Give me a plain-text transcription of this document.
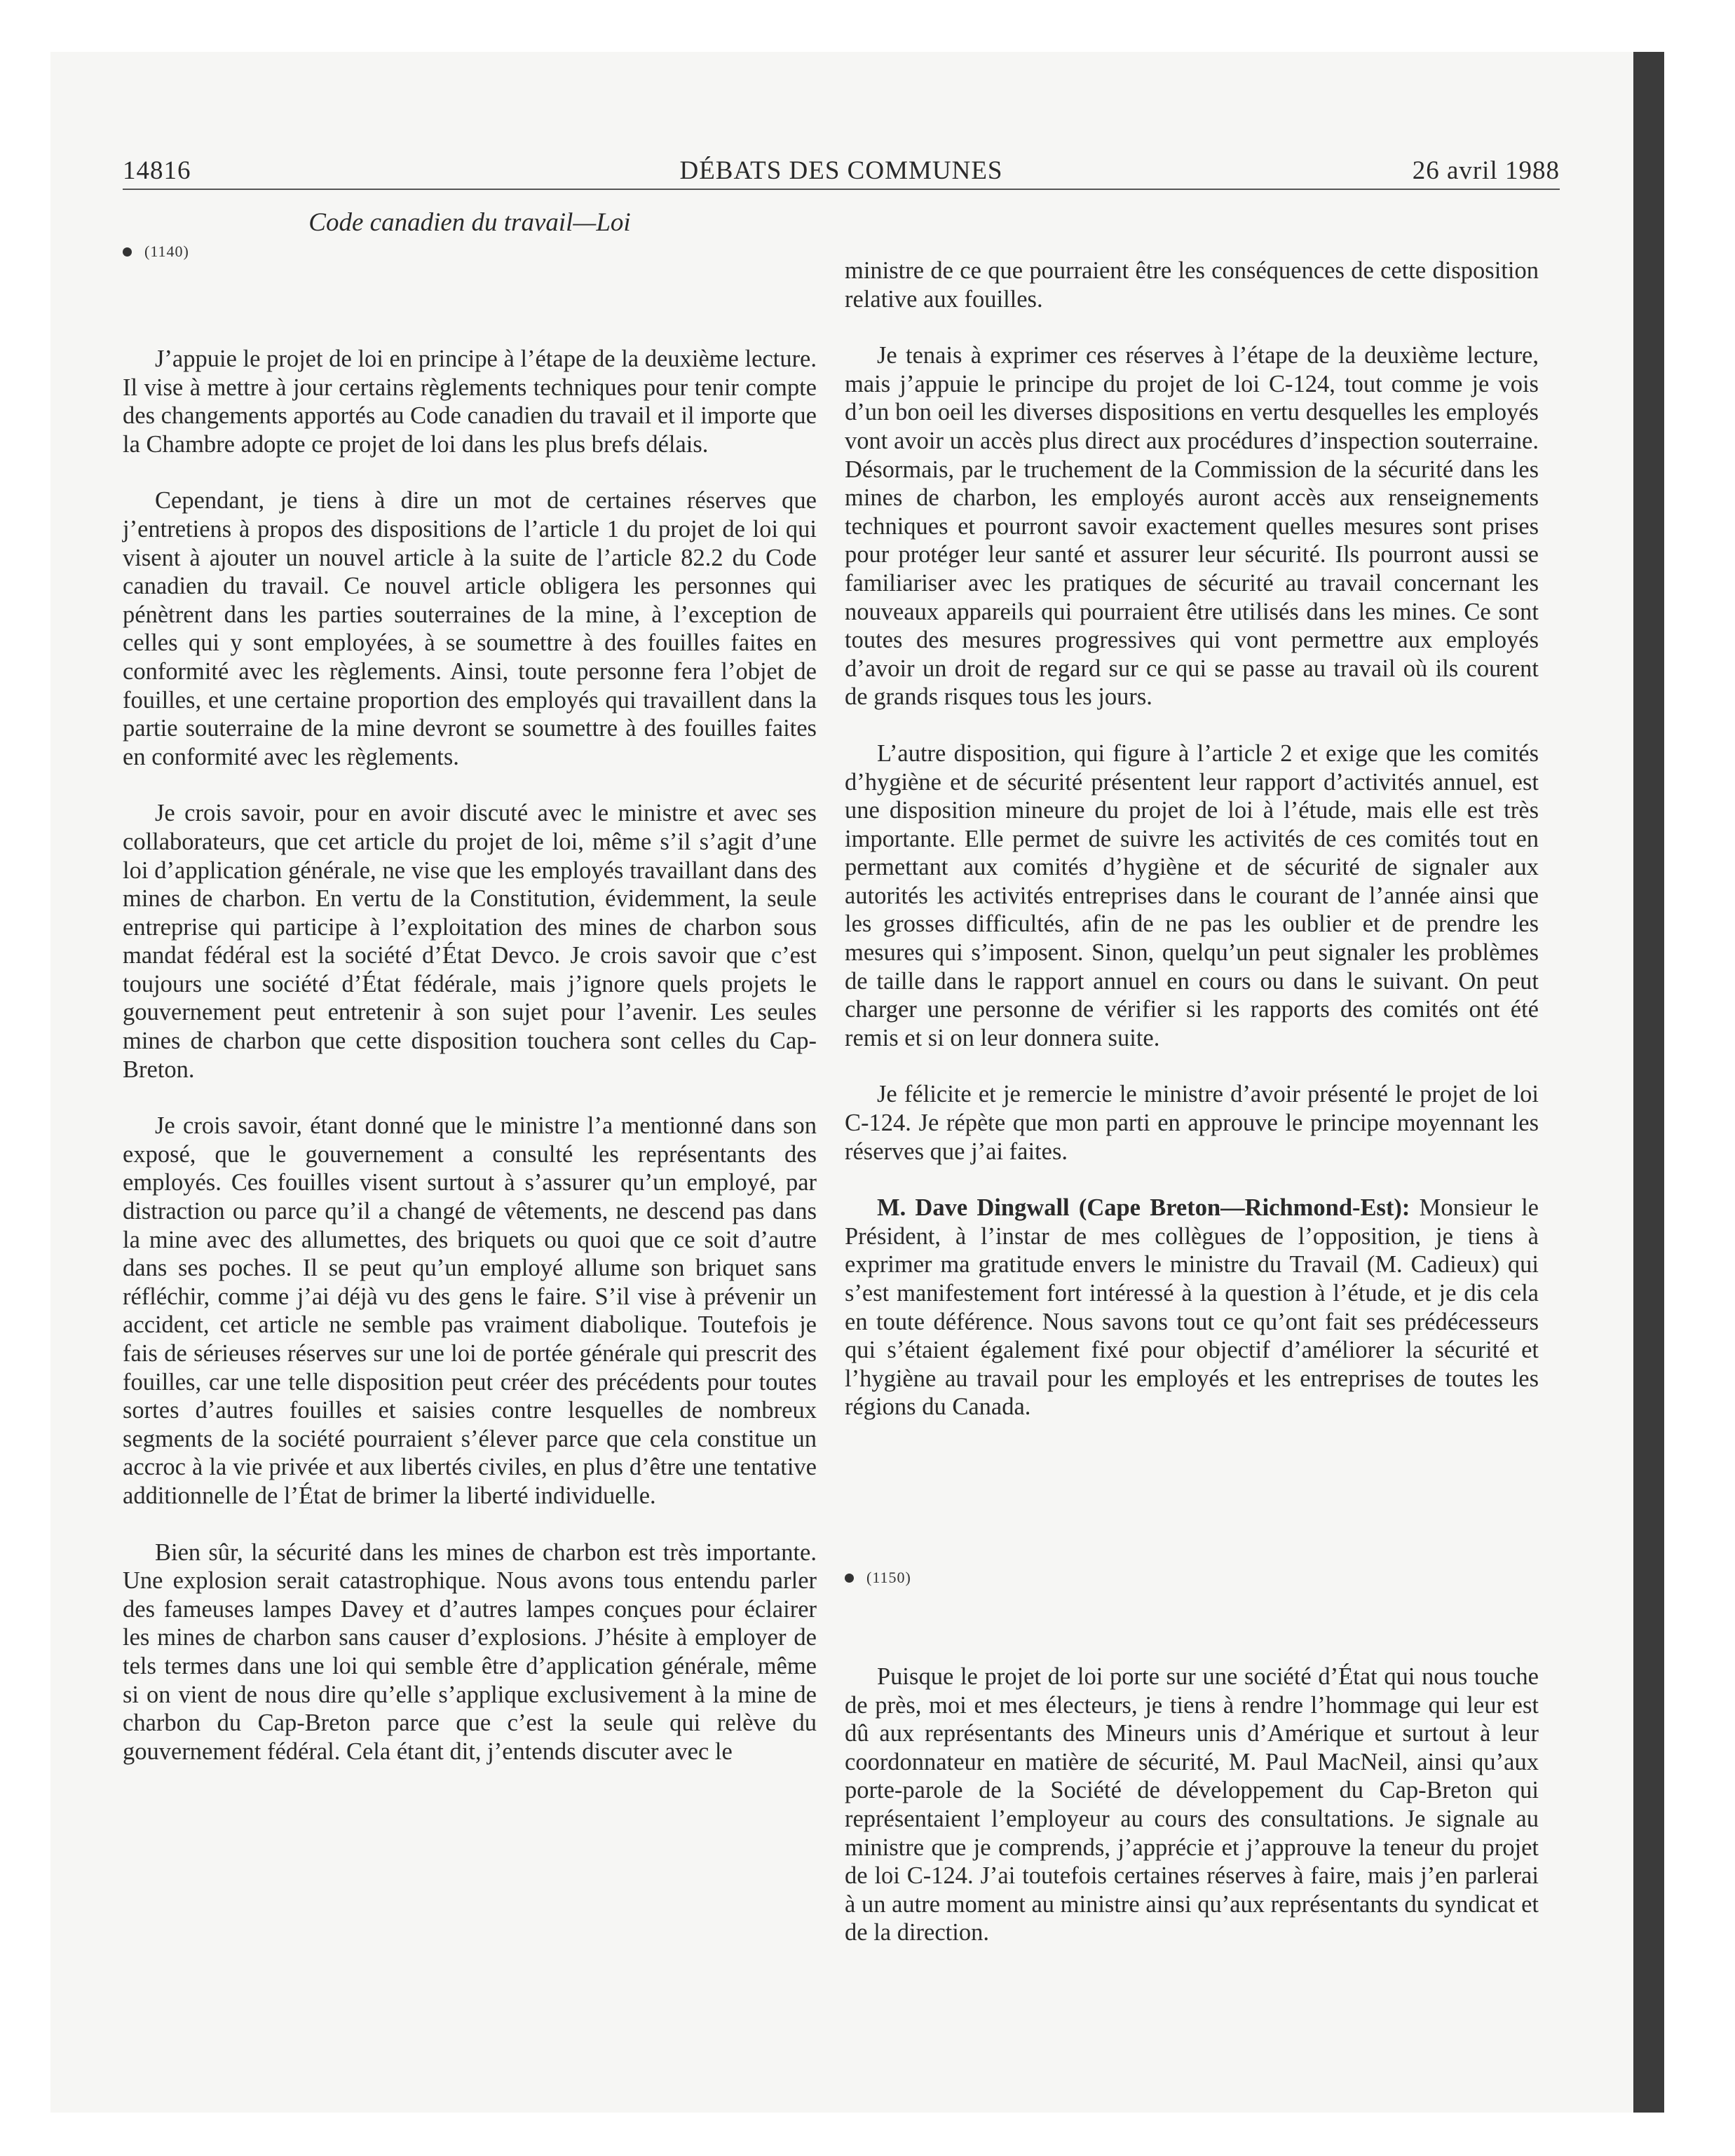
14816	DÉBATS DES COMMUNES	26 avril 1988
Code canadien du travail—Loi
(1140)

J’appuie le projet de loi en principe à l’étape de la deuxième lecture. Il vise à mettre à jour certains règlements techniques pour tenir compte des changements apportés au Code canadien du travail et il importe que la Chambre adopte ce projet de loi dans les plus brefs délais.

Cependant, je tiens à dire un mot de certaines réserves que j’entretiens à propos des dispositions de l’article 1 du projet de loi qui visent à ajouter un nouvel article à la suite de l’article 82.2 du Code canadien du travail. Ce nouvel article obligera les personnes qui pénètrent dans les parties souterraines de la mine, à l’exception de celles qui y sont employées, à se soumettre à des fouilles faites en conformité avec les règlements. Ainsi, toute personne fera l’objet de fouilles, et une certaine proportion des employés qui travaillent dans la partie souterraine de la mine devront se soumettre à des fouilles faites en conformité avec les règlements.

Je crois savoir, pour en avoir discuté avec le ministre et avec ses collaborateurs, que cet article du projet de loi, même s’il s’agit d’une loi d’application générale, ne vise que les employés travaillant dans des mines de charbon. En vertu de la Constitution, évidemment, la seule entreprise qui participe à l’exploitation des mines de charbon sous mandat fédéral est la société d’État Devco. Je crois savoir que c’est toujours une société d’État fédérale, mais j’ignore quels projets le gouvernement peut entretenir à son sujet pour l’avenir. Les seules mines de charbon que cette disposition touchera sont celles du Cap-Breton.

Je crois savoir, étant donné que le ministre l’a mentionné dans son exposé, que le gouvernement a consulté les représentants des employés. Ces fouilles visent surtout à s’assurer qu’un employé, par distraction ou parce qu’il a changé de vêtements, ne descend pas dans la mine avec des allumettes, des briquets ou quoi que ce soit d’autre dans ses poches. Il se peut qu’un employé allume son briquet sans réfléchir, comme j’ai déjà vu des gens le faire. S’il vise à prévenir un accident, cet article ne semble pas vraiment diabolique. Toutefois je fais de sérieuses réserves sur une loi de portée générale qui prescrit des fouilles, car une telle disposition peut créer des précédents pour toutes sortes d’autres fouilles et saisies contre lesquelles de nombreux segments de la société pourraient s’élever parce que cela constitue un accroc à la vie privée et aux libertés civiles, en plus d’être une tentative additionnelle de l’État de brimer la liberté individuelle.

Bien sûr, la sécurité dans les mines de charbon est très importante. Une explosion serait catastrophique. Nous avons tous entendu parler des fameuses lampes Davey et d’autres lampes conçues pour éclairer les mines de charbon sans causer d’explosions. J’hésite à employer de tels termes dans une loi qui semble être d’application générale, même si on vient de nous dire qu’elle s’applique exclusivement à la mine de charbon du Cap-Breton parce que c’est la seule qui relève du gouvernement fédéral. Cela étant dit, j’entends discuter avec le

ministre de ce que pourraient être les conséquences de cette disposition relative aux fouilles.

Je tenais à exprimer ces réserves à l’étape de la deuxième lecture, mais j’appuie le principe du projet de loi C-124, tout comme je vois d’un bon oeil les diverses dispositions en vertu desquelles les employés vont avoir un accès plus direct aux procédures d’inspection souterraine. Désormais, par le truchement de la Commission de la sécurité dans les mines de charbon, les employés auront accès aux renseignements techniques et pourront savoir exactement quelles mesures sont prises pour protéger leur santé et assurer leur sécurité. Ils pourront aussi se familiariser avec les pratiques de sécurité au travail concernant les nouveaux appareils qui pourraient être utilisés dans les mines. Ce sont toutes des mesures progressives qui vont permettre aux employés d’avoir un droit de regard sur ce qui se passe au travail où ils courent de grands risques tous les jours.

L’autre disposition, qui figure à l’article 2 et exige que les comités d’hygiène et de sécurité présentent leur rapport d’activités annuel, est une disposition mineure du projet de loi à l’étude, mais elle est très importante. Elle permet de suivre les activités de ces comités tout en permettant aux comités d’hygiène et de sécurité de signaler aux autorités les activités entreprises dans le courant de l’année ainsi que les grosses difficultés, afin de ne pas les oublier et de prendre les mesures qui s’imposent. Sinon, quelqu’un peut signaler les problèmes de taille dans le rapport annuel en cours ou dans le suivant. On peut charger une personne de vérifier si les rapports des comités ont été remis et si on leur donnera suite.

Je félicite et je remercie le ministre d’avoir présenté le projet de loi C-124. Je répète que mon parti en approuve le principe moyennant les réserves que j’ai faites.

M. Dave Dingwall (Cape Breton—Richmond-Est): Monsieur le Président, à l’instar de mes collègues de l’opposition, je tiens à exprimer ma gratitude envers le ministre du Travail (M. Cadieux) qui s’est manifestement fort intéressé à la question à l’étude, et je dis cela en toute déférence. Nous savons tout ce qu’ont fait ses prédécesseurs qui s’étaient également fixé pour objectif d’améliorer la sécurité et l’hygiène au travail pour les employés et les entreprises de toutes les régions du Canada.

(1150)

Puisque le projet de loi porte sur une société d’État qui nous touche de près, moi et mes électeurs, je tiens à rendre l’hommage qui leur est dû aux représentants des Mineurs unis d’Amérique et surtout à leur coordonnateur en matière de sécurité, M. Paul MacNeil, ainsi qu’aux porte-parole de la Société de développement du Cap-Breton qui représentaient l’employeur au cours des consultations. Je signale au ministre que je comprends, j’apprécie et j’approuve la teneur du projet de loi C-124. J’ai toutefois certaines réserves à faire, mais j’en parlerai à un autre moment au ministre ainsi qu’aux représentants du syndicat et de la direction.
